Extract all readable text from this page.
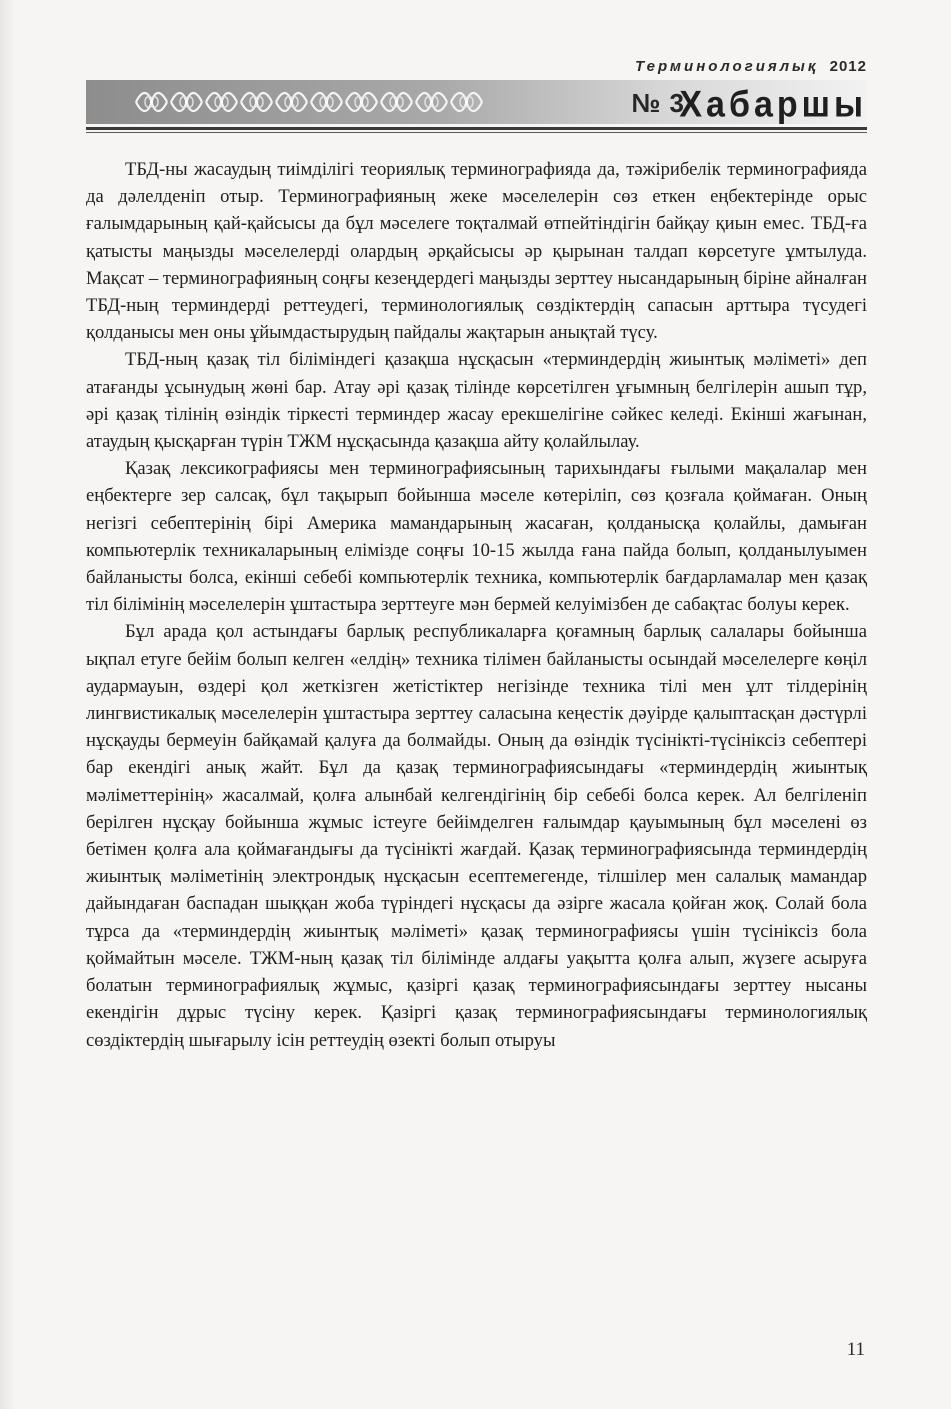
Терминологиялық 2012
№ 3
Хабаршы

ТБД-ны жасаудың тиімділігі теориялық терминографияда да, тәжірибелік терминографияда да дәлелденіп отыр. Терминографияның жеке мәселелерін сөз еткен еңбектерінде орыс ғалымдарының қай-қайсысы да бұл мәселеге тоқталмай өтпейтіндігін байқау қиын емес. ТБД-ға қатысты маңызды мәселелерді олардың әрқайсысы әр қырынан талдап көрсетуге ұмтылуда. Мақсат – терминографияның соңғы кезеңдердегі маңызды зерттеу нысандарының біріне айналған ТБД-ның терминдерді реттеудегі, терминологиялық сөздіктердің сапасын арттыра түсудегі қолданысы мен оны ұйымдастырудың пайдалы жақтарын анықтай түсу.

ТБД-ның қазақ тіл біліміндегі қазақша нұсқасын «терминдердің жиынтық мәліметі» деп атағанды ұсынудың жөні бар. Атау әрі қазақ тілінде көрсетілген ұғымның белгілерін ашып тұр, әрі қазақ тілінің өзіндік тіркесті терминдер жасау ерекшелігіне сәйкес келеді. Екінші жағынан, атаудың қысқарған түрін ТЖМ нұсқасында қазақша айту қолайлылау.

Қазақ лексикографиясы мен терминографиясының тарихындағы ғылыми мақалалар мен еңбектерге зер салсақ, бұл тақырып бойынша мәселе көтеріліп, сөз қозғала қоймаған. Оның негізгі себептерінің бірі Америка мамандарының жасаған, қолданысқа қолайлы, дамыған компьютерлік техникаларының елімізде соңғы 10-15 жылда ғана пайда болып, қолданылуымен байланысты болса, екінші себебі компьютерлік техника, компьютерлік бағдарламалар мен қазақ тіл білімінің мәселелерін ұштастыра зерттеуге мән бермей келуімізбен де сабақтас болуы керек.

Бұл арада қол астындағы барлық республикаларға қоғамның барлық салалары бойынша ықпал етуге бейім болып келген «елдің» техника тілімен байланысты осындай мәселелерге көңіл аудармауын, өздері қол жеткізген жетістіктер негізінде техника тілі мен ұлт тілдерінің лингвистикалық мәселелерін ұштастыра зерттеу саласына кеңестік дәуірде қалыптасқан дәстүрлі нұсқауды бермеуін байқамай қалуға да болмайды. Оның да өзіндік түсінікті-түсініксіз себептері бар екендігі анық жайт. Бұл да қазақ терминографиясындағы «терминдердің жиынтық мәліметтерінің» жасалмай, қолға алынбай келгендігінің бір себебі болса керек. Ал белгіленіп берілген нұсқау бойынша жұмыс істеуге бейімделген ғалымдар қауымының бұл мәселені өз бетімен қолға ала қоймағандығы да түсінікті жағдай. Қазақ терминографиясында терминдердің жиынтық мәліметінің электрондық нұсқасын есептемегенде, тілшілер мен салалық мамандар дайындаған баспадан шыққан жоба түріндегі нұсқасы да әзірге жасала қойған жоқ. Солай бола тұрса да «терминдердің жиынтық мәліметі» қазақ терминографиясы үшін түсініксіз бола қоймайтын мәселе. ТЖМ-ның қазақ тіл білімінде алдағы уақытта қолға алып, жүзеге асыруға болатын терминографиялық жұмыс, қазіргі қазақ терминографиясындағы зерттеу нысаны екендігін дұрыс түсіну керек. Қазіргі қазақ терминографиясындағы терминологиялық сөздіктердің шығарылу ісін реттеудің өзекті болып отыруы

11
